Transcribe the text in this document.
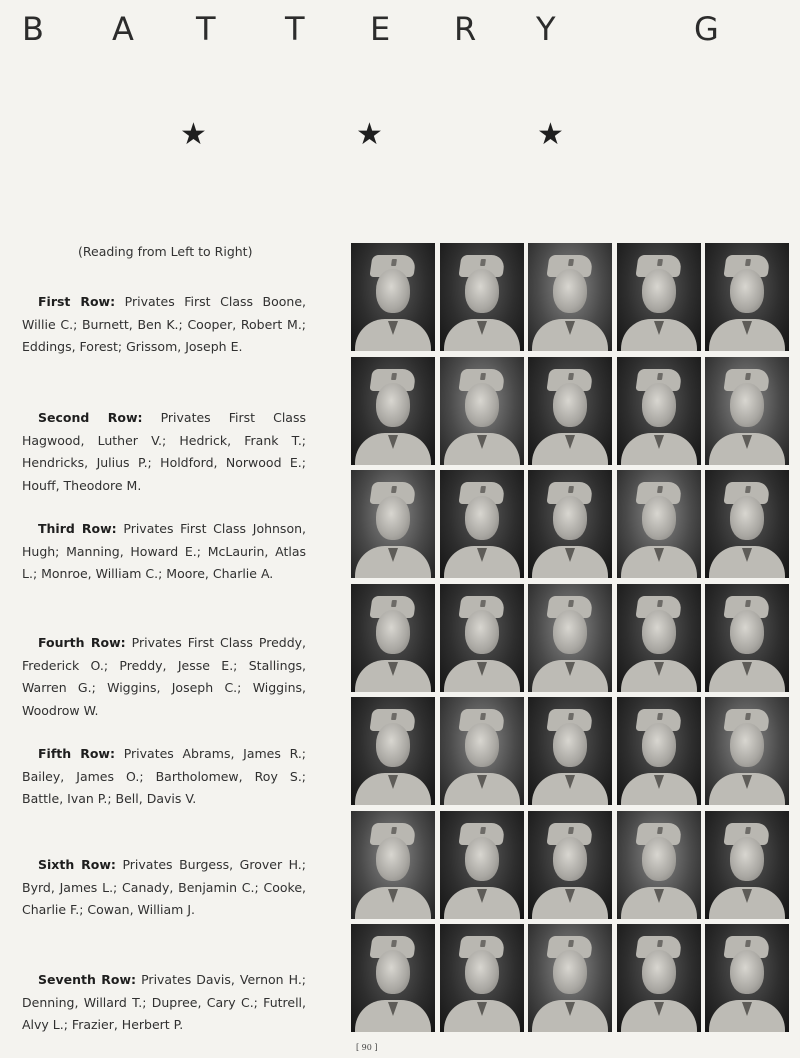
B A T T E R Y	G
★	★	★
(Reading from Left to Right)
First Row: Privates First Class Boone, Willie C.; Burnett, Ben K.; Cooper, Robert M.; Eddings, Forest; Grissom, Joseph E.
Second Row: Privates First Class Hagwood, Luther V.; Hedrick, Frank T.; Hendricks, Julius P.; Holdford, Norwood E.; Houff, Theodore M.
Third Row: Privates First Class Johnson, Hugh; Manning, Howard E.; McLaurin, Atlas L.; Monroe, William C.; Moore, Charlie A.
Fourth Row: Privates First Class Preddy, Frederick O.; Preddy, Jesse E.; Stallings, Warren G.; Wiggins, Joseph C.; Wiggins, Woodrow W.
Fifth Row: Privates Abrams, James R.; Bailey, James O.; Bartholomew, Roy S.; Battle, Ivan P.; Bell, Davis V.
Sixth Row: Privates Burgess, Grover H.; Byrd, James L.; Canady, Benjamin C.; Cooke, Charlie F.; Cowan, William J.
Seventh Row: Privates Davis, Vernon H.; Denning, Willard T.; Dupree, Cary C.; Futrell, Alvy L.; Frazier, Herbert P.
[ 90 ]
